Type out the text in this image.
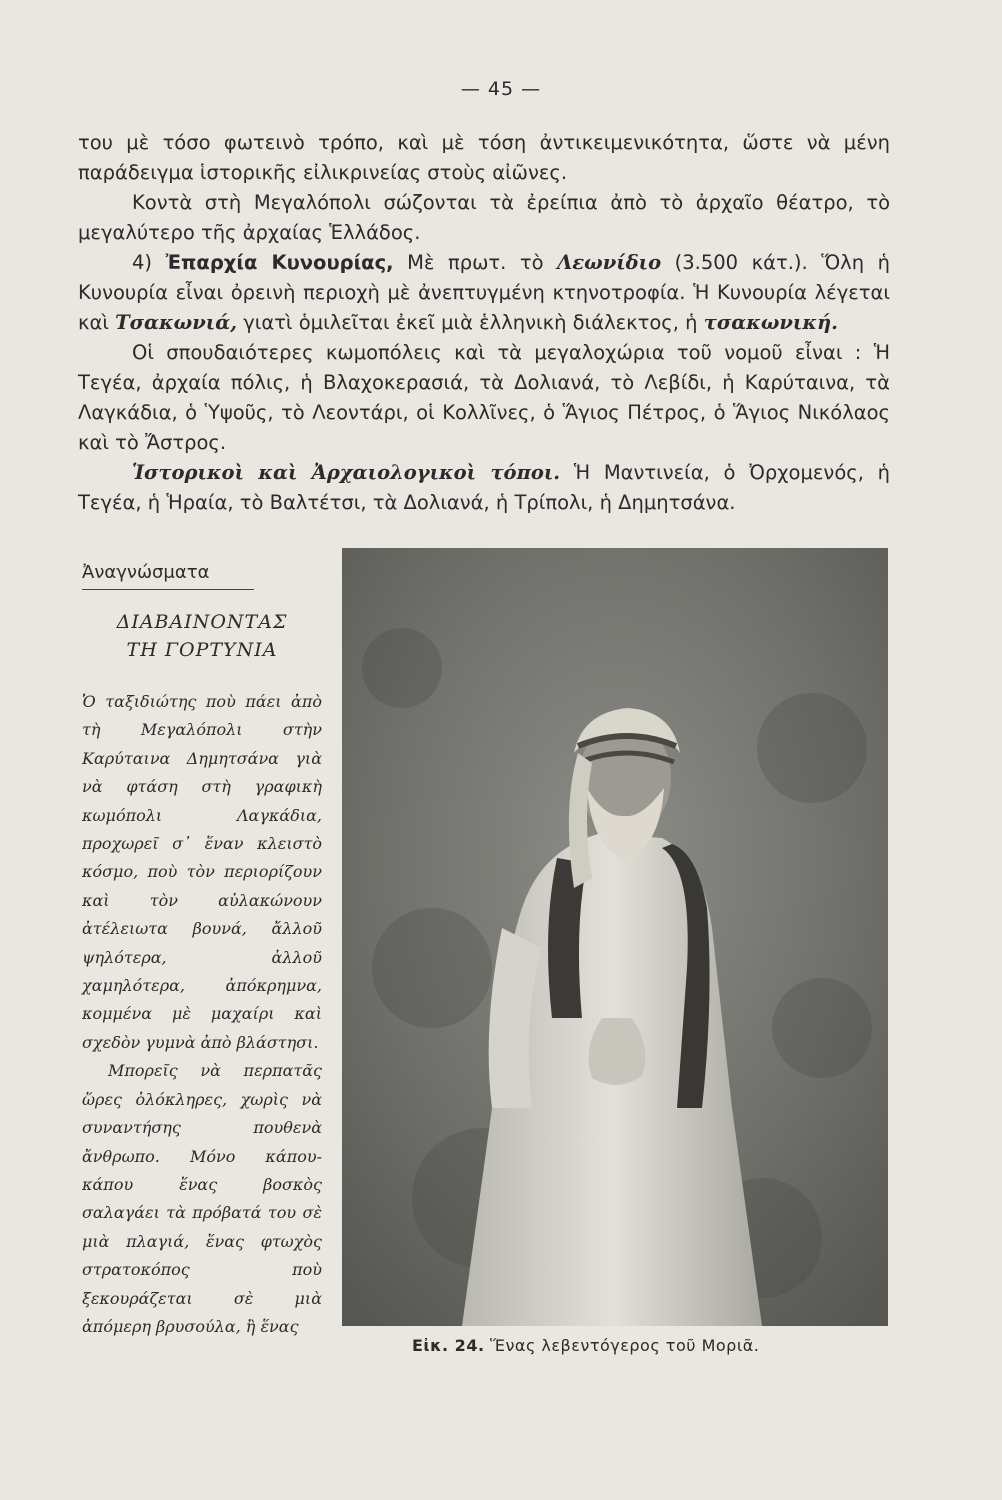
— 45 —

του μὲ τόσο φωτεινὸ τρόπο, καὶ μὲ τόση ἀντικειμενικότητα, ὥστε νὰ μένη παράδειγμα ἱστορικῆς εἰλικρινείας στοὺς αἰῶνες.

Κοντὰ στὴ Μεγαλόπολι σώζονται τὰ ἐρείπια ἀπὸ τὸ ἀρχαῖο θέατρο, τὸ μεγαλύτερο τῆς ἀρχαίας Ἑλλάδος.

4) Ἐπαρχία Κυνουρίας, Μὲ πρωτ. τὸ Λεωνίδιο (3.500 κάτ.). Ὅλη ἡ Κυνουρία εἶναι ὀρεινὴ περιοχὴ μὲ ἀνεπτυγμένη κτηνοτροφία. Ἡ Κυνουρία λέγεται καὶ Τσακωνιά, γιατὶ ὁμιλεῖται ἐκεῖ μιὰ ἑλληνικὴ διάλεκτος, ἡ τσακωνική.

Οἱ σπουδαιότερες κωμοπόλεις καὶ τὰ μεγαλοχώρια τοῦ νομοῦ εἶναι : Ἡ Τεγέα, ἀρχαία πόλις, ἡ Βλαχοκερασιά, τὰ Δολιανά, τὸ Λεβίδι, ἡ Καρύταινα, τὰ Λαγκάδια, ὁ Ὑψοῦς, τὸ Λεοντάρι, οἱ Κολλῖνες, ὁ Ἅγιος Πέτρος, ὁ Ἅγιος Νικόλαος καὶ τὸ Ἄστρος.

Ἱστορικοὶ καὶ Ἀρχαιολογικοὶ τόποι. Ἡ Μαντινεία, ὁ Ὀρχομενός, ἡ Τεγέα, ἡ Ἡραία, τὸ Βαλτέτσι, τὰ Δολιανά, ἡ Τρίπολι, ἡ Δημητσάνα.

Ἀναγνώσματα
ΔΙΑΒΑΙΝΟΝΤΑΣ
ΤΗ ΓΟΡΤΥΝΙΑ

Ὁ ταξιδιώτης ποὺ πάει ἀπὸ τὴ Μεγαλόπολι στὴν Καρύταινα Δημητσάνα γιὰ νὰ φτάση στὴ γραφικὴ κωμόπολι Λαγκάδια, προχωρεῖ σ᾿ ἕναν κλειστὸ κόσμο, ποὺ τὸν περιορίζουν καὶ τὸν αὐλακώνουν ἀτέλειωτα βουνά, ἄλλοῦ ψηλότερα, ἀλλοῦ χαμηλότερα, ἀπόκρημνα, κομμένα μὲ μαχαίρι καὶ σχεδὸν γυμνὰ ἀπὸ βλάστησι.

Μπορεῖς νὰ περπατᾶς ὥρες ὁλόκληρες, χωρὶς νὰ συναντήσης πουθενὰ ἄνθρωπο. Μόνο κάπου-κάπου ἕνας βοσκὸς σαλαγάει τὰ πρόβατά του σὲ μιὰ πλαγιά, ἕνας φτωχὸς στρατοκόπος ποὺ ξεκουράζεται σὲ μιὰ ἀπόμερη βρυσούλα, ἢ ἕνας

Εἰκ. 24. Ἕνας λεβεντόγερος τοῦ Μοριᾶ.
